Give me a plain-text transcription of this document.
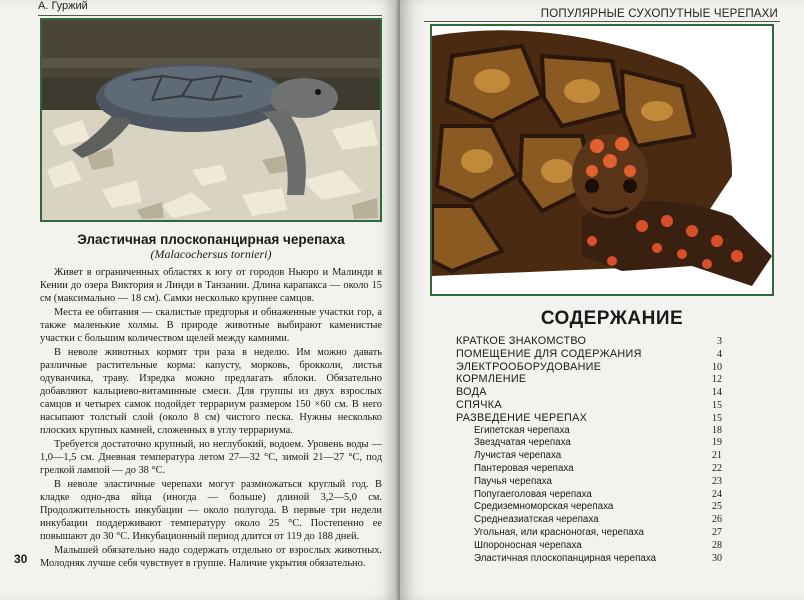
А. Гуржий
Эластичная плоскопанцирная черепаха
(Malacochersus tornieri)

Живет в ограниченных областях к югу от городов Ньюро и Малинди в Кении до озера Виктория и Линди в Танзании. Длина карапакса — около 15 см (максимально — 18 см). Самки несколько крупнее самцов.

Места ее обитания — скалистые предгорья и обнаженные участки гор, а также маленькие холмы. В природе животные выбирают каменистые участки с большим количеством щелей между камнями.

В неволе животных кормят три раза в неделю. Им можно давать различные растительные корма: капусту, морковь, брокколи, листья одуванчика, траву. Изредка можно предлагать яблоки. Обязательно добавляют кальциево-витаминные смеси. Для группы из двух взрослых самцов и четырех самок подойдет террариум размером 150 ×60 см. В него насыпают толстый слой (около 8 см) чистого песка. Нужны несколько плоских крупных камней, сложенных в углу террариума.

Требуется достаточно крупный, но неглубокий, водоем. Уровень воды — 1,0—1,5 см. Дневная температура летом 27—32 °С, зимой 21—27 °С, под грелкой лампой — до 38 °С.

В неволе эластичные черепахи могут размножаться круглый год. В кладке одно-два яйца (иногда — больше) длиной 3,2—5,0 см. Продолжительность инкубации — около полугода. В первые три недели инкубации поддерживают температуру около 25 °С. Постепенно ее повышают до 30 °С. Инкубационный период длится от 119 до 188 дней.

Малышей обязательно надо содержать отдельно от взрослых животных. Молодняк лучше себя чувствует в группе. Наличие укрытия обязательно.

30
ПОПУЛЯРНЫЕ СУХОПУТНЫЕ ЧЕРЕПАХИ
СОДЕРЖАНИЕ
КРАТКОЕ ЗНАКОМСТВО	3
ПОМЕЩЕНИЕ ДЛЯ СОДЕРЖАНИЯ	4
ЭЛЕКТРООБОРУДОВАНИЕ	10
КОРМЛЕНИЕ	12
ВОДА	14
СПЯЧКА	15
РАЗВЕДЕНИЕ ЧЕРЕПАХ	15
Египетская черепаха	18
Звездчатая черепаха	19
Лучистая черепаха	21
Пантеровая черепаха	22
Паучья черепаха	23
Попугаеголовая черепаха	24
Средиземноморская черепаха	25
Среднеазиатская черепаха	26
Угольная, или красноногая, черепаха	27
Шпороносная черепаха	28
Эластичная плоскопанцирная черепаха	30
